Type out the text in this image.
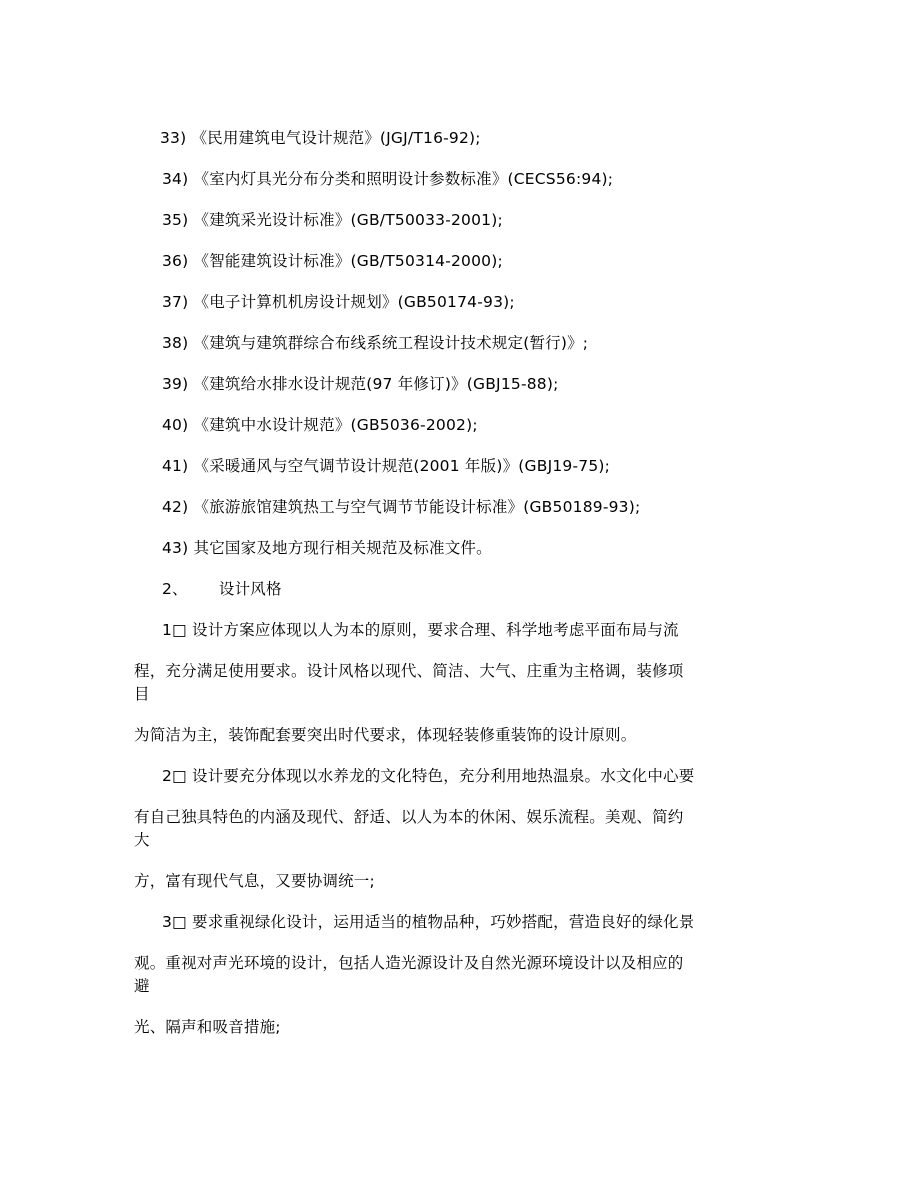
33) 《民用建筑电气设计规范》(JGJ/T16-92);
34) 《室内灯具光分布分类和照明设计参数标准》(CECS56:94);
35) 《建筑采光设计标准》(GB/T50033-2001);
36) 《智能建筑设计标准》(GB/T50314-2000);
37) 《电子计算机机房设计规划》(GB50174-93);
38) 《建筑与建筑群综合布线系统工程设计技术规定(暂行)》;
39) 《建筑给水排水设计规范(97 年修订)》(GBJ15-88);
40) 《建筑中水设计规范》(GB5036-2002);
41) 《采暖通风与空气调节设计规范(2001 年版)》(GBJ19-75);
42) 《旅游旅馆建筑热工与空气调节节能设计标准》(GB50189-93);
43) 其它国家及地方现行相关规范及标准文件。
2、 设计风格
1□ 设计方案应体现以人为本的原则，要求合理、科学地考虑平面布局与流
程，充分满足使用要求。设计风格以现代、简洁、大气、庄重为主格调，装修项
目
为简洁为主，装饰配套要突出时代要求，体现轻装修重装饰的设计原则。
2□ 设计要充分体现以水养龙的文化特色，充分利用地热温泉。水文化中心要
有自己独具特色的内涵及现代、舒适、以人为本的休闲、娱乐流程。美观、简约
大
方，富有现代气息，又要协调统一;
3□ 要求重视绿化设计，运用适当的植物品种，巧妙搭配，营造良好的绿化景
观。重视对声光环境的设计，包括人造光源设计及自然光源环境设计以及相应的
避
光、隔声和吸音措施;
